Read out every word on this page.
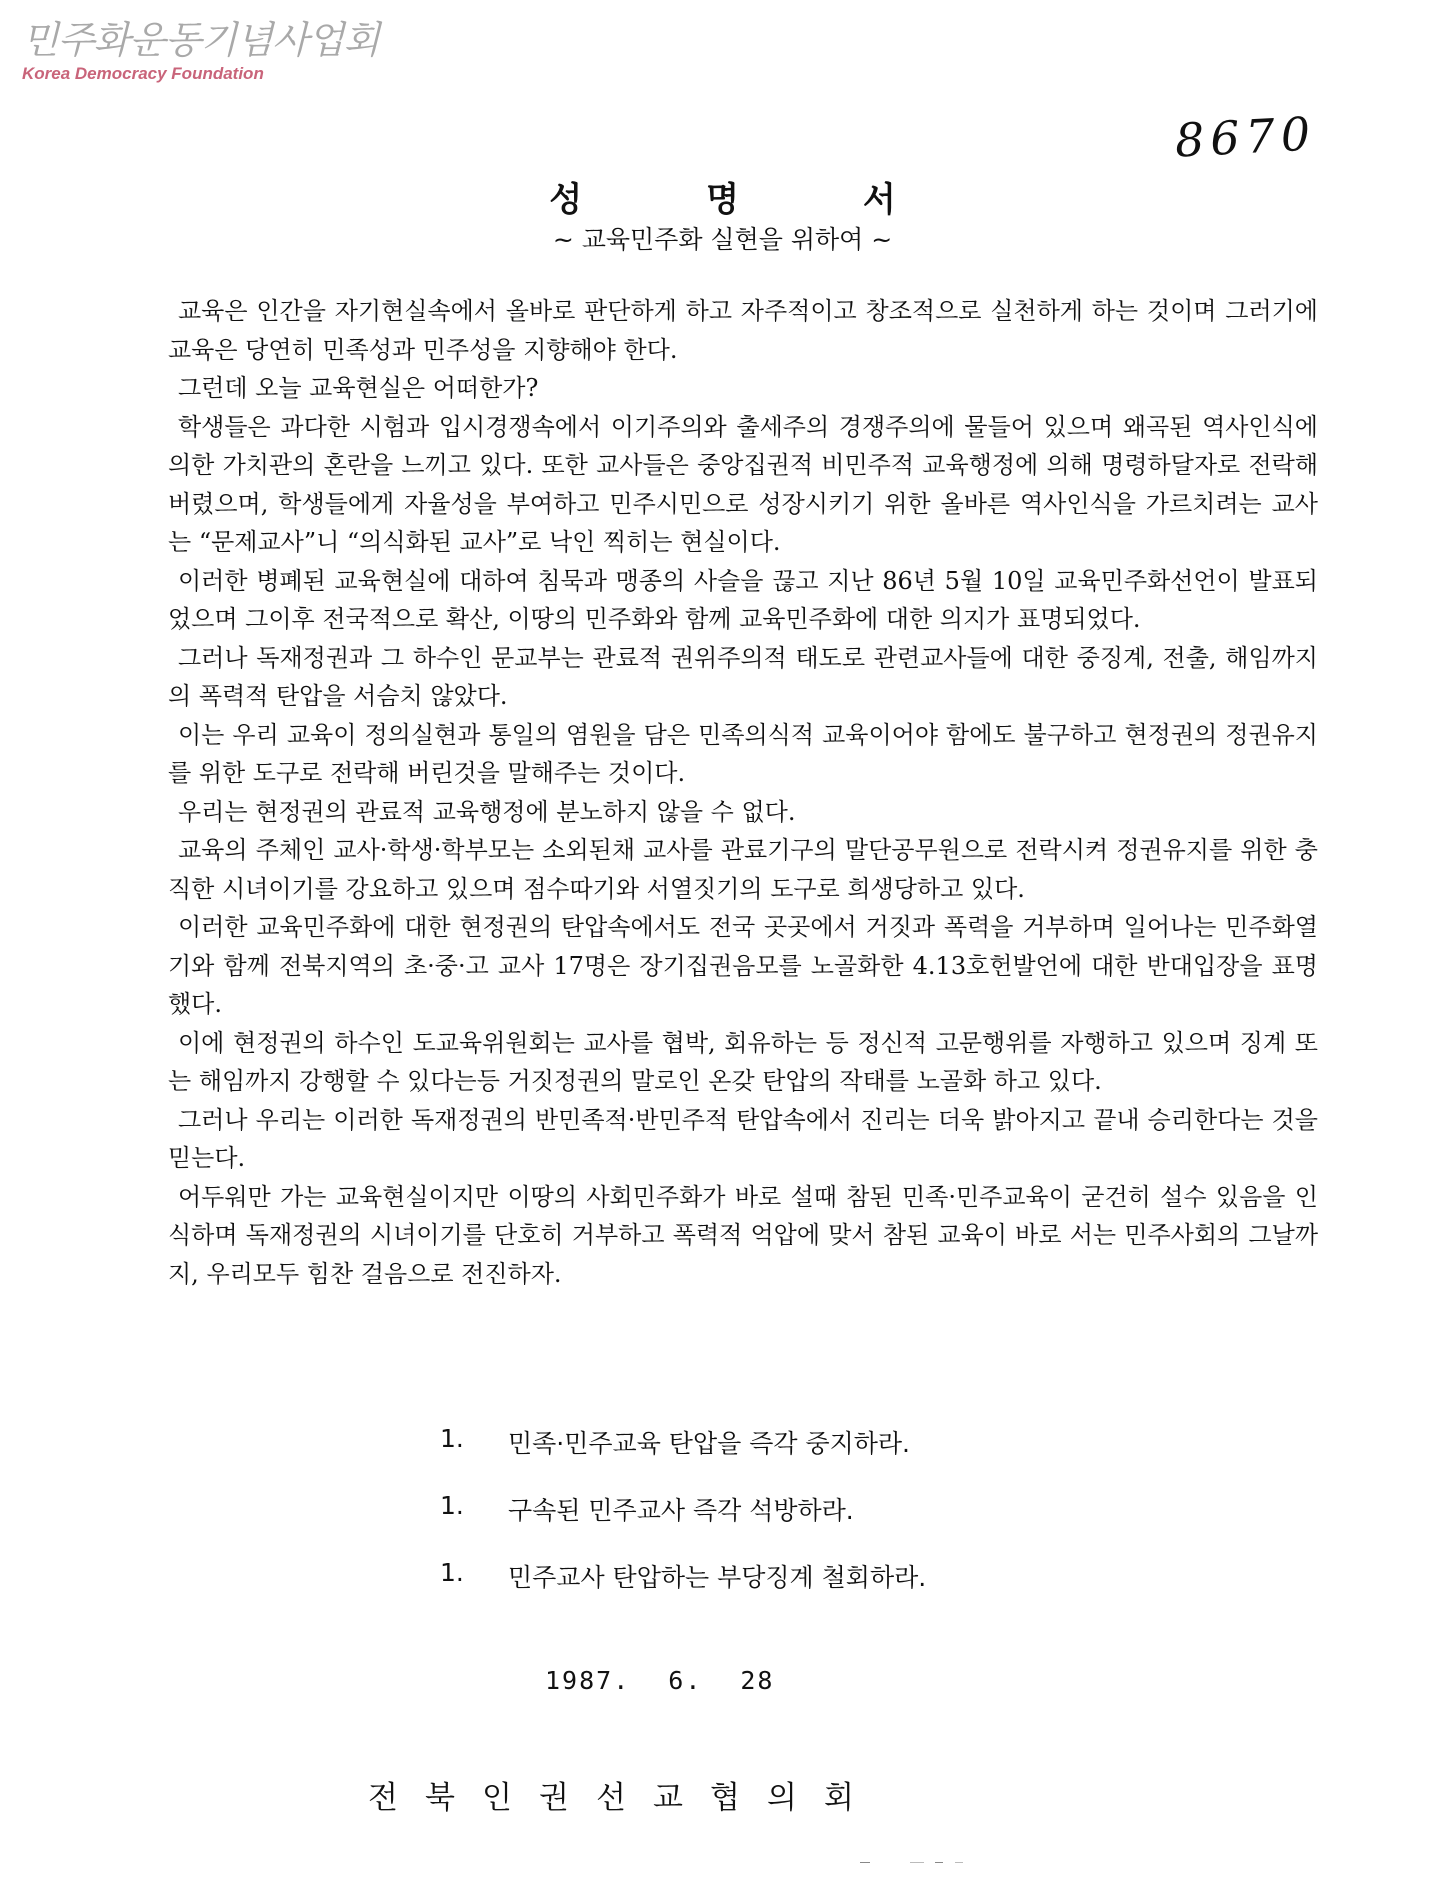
민주화운동기념사업회
Korea Democracy Foundation
8670
성	명	서
~ 교육민주화 실현을 위하여 ~

교육은 인간을 자기현실속에서 올바로 판단하게 하고 자주적이고 창조적으로 실천하게 하는 것이며 그러기에 교육은 당연히 민족성과 민주성을 지향해야 한다.

그런데 오늘 교육현실은 어떠한가?

학생들은 과다한 시험과 입시경쟁속에서 이기주의와 출세주의 경쟁주의에 물들어 있으며 왜곡된 역사인식에 의한 가치관의 혼란을 느끼고 있다. 또한 교사들은 중앙집권적 비민주적 교육행정에 의해 명령하달자로 전락해 버렸으며, 학생들에게 자율성을 부여하고 민주시민으로 성장시키기 위한 올바른 역사인식을 가르치려는 교사는 “문제교사”니 “의식화된 교사”로 낙인 찍히는 현실이다.

이러한 병폐된 교육현실에 대하여 침묵과 맹종의 사슬을 끊고 지난 86년 5월 10일 교육민주화선언이 발표되었으며 그이후 전국적으로 확산, 이땅의 민주화와 함께 교육민주화에 대한 의지가 표명되었다.

그러나 독재정권과 그 하수인 문교부는 관료적 권위주의적 태도로 관련교사들에 대한 중징계, 전출, 해임까지의 폭력적 탄압을 서슴치 않았다.

이는 우리 교육이 정의실현과 통일의 염원을 담은 민족의식적 교육이어야 함에도 불구하고 현정권의 정권유지를 위한 도구로 전락해 버린것을 말해주는 것이다.

우리는 현정권의 관료적 교육행정에 분노하지 않을 수 없다.

교육의 주체인 교사·학생·학부모는 소외된채 교사를 관료기구의 말단공무원으로 전락시켜 정권유지를 위한 충직한 시녀이기를 강요하고 있으며 점수따기와 서열짓기의 도구로 희생당하고 있다.

이러한 교육민주화에 대한 현정권의 탄압속에서도 전국 곳곳에서 거짓과 폭력을 거부하며 일어나는 민주화열기와 함께 전북지역의 초·중·고 교사 17명은 장기집권음모를 노골화한 4.13호헌발언에 대한 반대입장을 표명했다.

이에 현정권의 하수인 도교육위원회는 교사를 협박, 회유하는 등 정신적 고문행위를 자행하고 있으며 징계 또는 해임까지 강행할 수 있다는등 거짓정권의 말로인 온갖 탄압의 작태를 노골화 하고 있다.

그러나 우리는 이러한 독재정권의 반민족적·반민주적 탄압속에서 진리는 더욱 밝아지고 끝내 승리한다는 것을 믿는다.

어두워만 가는 교육현실이지만 이땅의 사회민주화가 바로 설때 참된 민족·민주교육이 굳건히 설수 있음을 인식하며 독재정권의 시녀이기를 단호히 거부하고 폭력적 억압에 맞서 참된 교육이 바로 서는 민주사회의 그날까지, 우리모두 힘찬 걸음으로 전진하자.

1.	민족·민주교육 탄압을 즉각 중지하라.
1.	구속된 민주교사 즉각 석방하라.
1.	민주교사 탄압하는 부당징계 철회하라.
1987. 6. 28
전 북 인 권 선 교 협 의 회
